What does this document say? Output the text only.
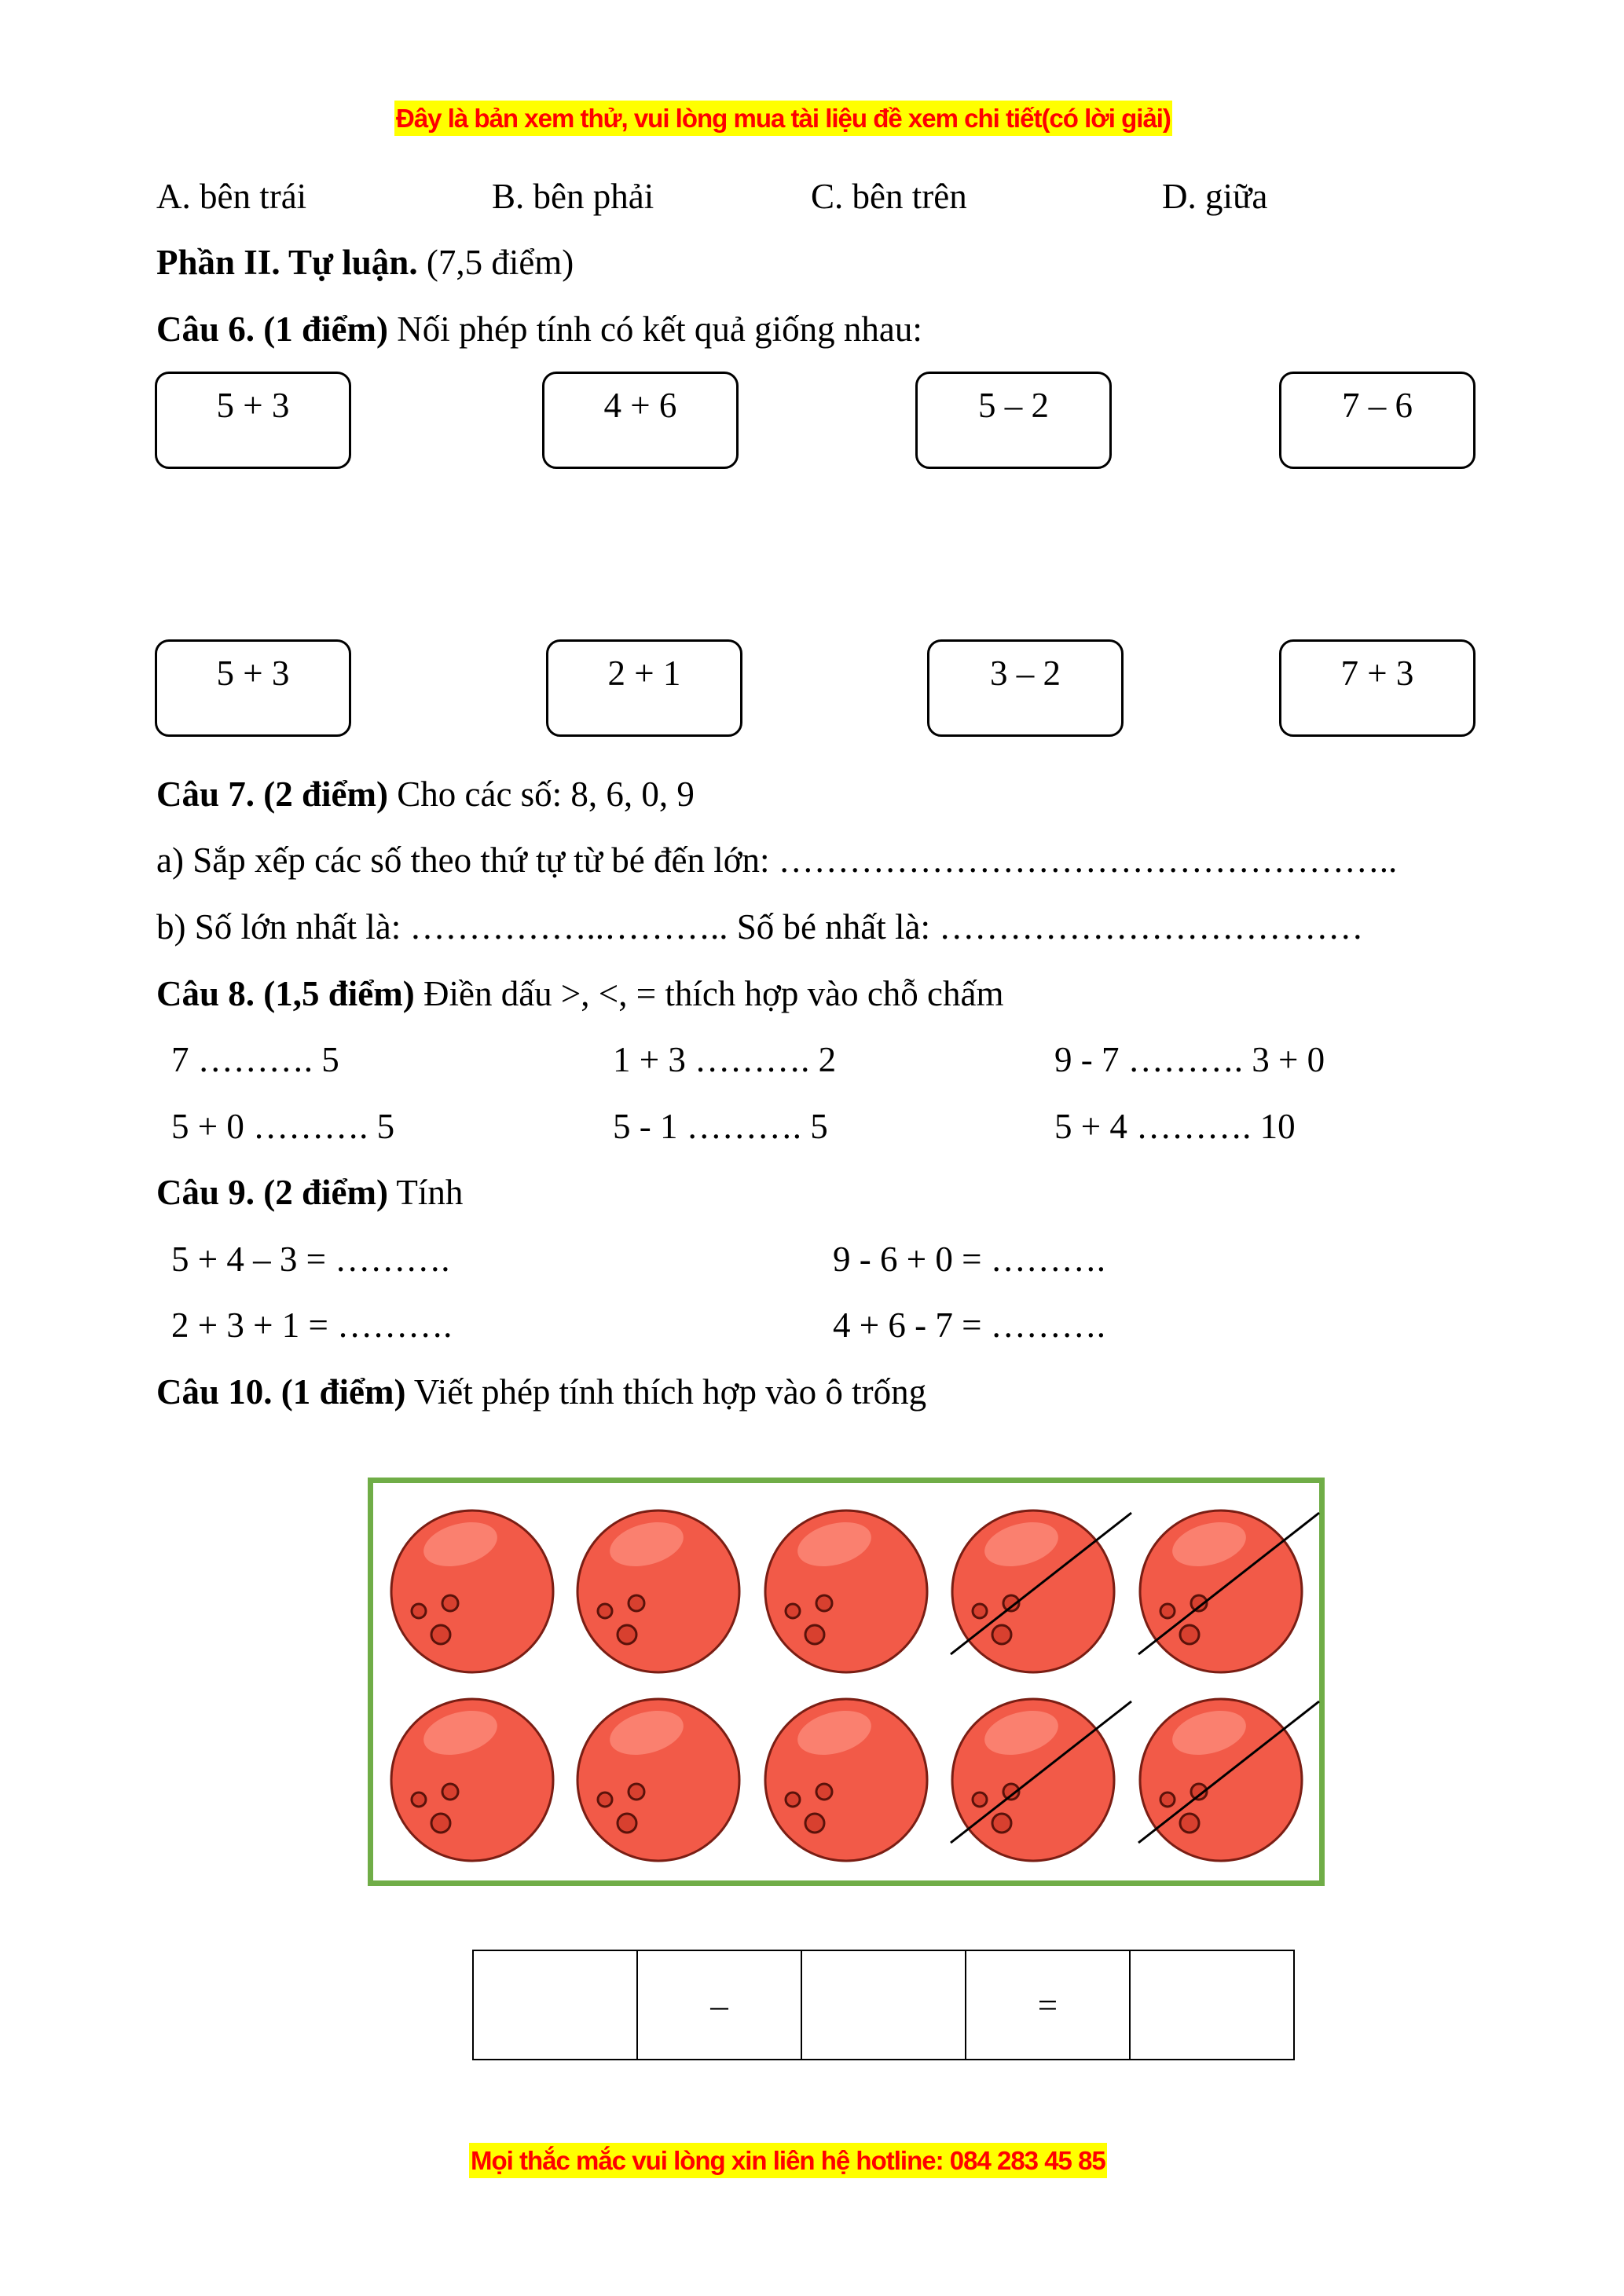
Đây là bản xem thử, vui lòng mua tài liệu đề xem chi tiết(có lời giải)
A. bên trái	B. bên phải	C. bên trên	D. giữa
Phần II. Tự luận. (7,5 điểm)
Câu 6. (1 điểm) Nối phép tính có kết quả giống nhau:
5 + 3	4 + 6	5 – 2	7 – 6
5 + 3	2 + 1	3 – 2	7 + 3
Câu 7. (2 điểm) Cho các số: 8, 6, 0, 9
a) Sắp xếp các số theo thứ tự từ bé đến lớn: ……………………………………………..
b) Số lớn nhất là: ……………..……….. Số bé nhất là: ………………………………
Câu 8. (1,5 điểm) Điền dấu >, <, = thích hợp vào chỗ chấm
7 ………. 5	1 + 3 ………. 2	9 - 7 ………. 3 + 0
5 + 0 ………. 5	5 - 1 ………. 5	5 + 4 ………. 10
Câu 9. (2 điểm) Tính
5 + 4 – 3 = ……….	9 - 6 + 0 = ……….
2 + 3 + 1 = ……….	4 + 6 - 7 = ……….
Câu 10. (1 điểm) Viết phép tính thích hợp vào ô trống
	–		=	
Mọi thắc mắc vui lòng xin liên hệ hotline: 084 283 45 85
